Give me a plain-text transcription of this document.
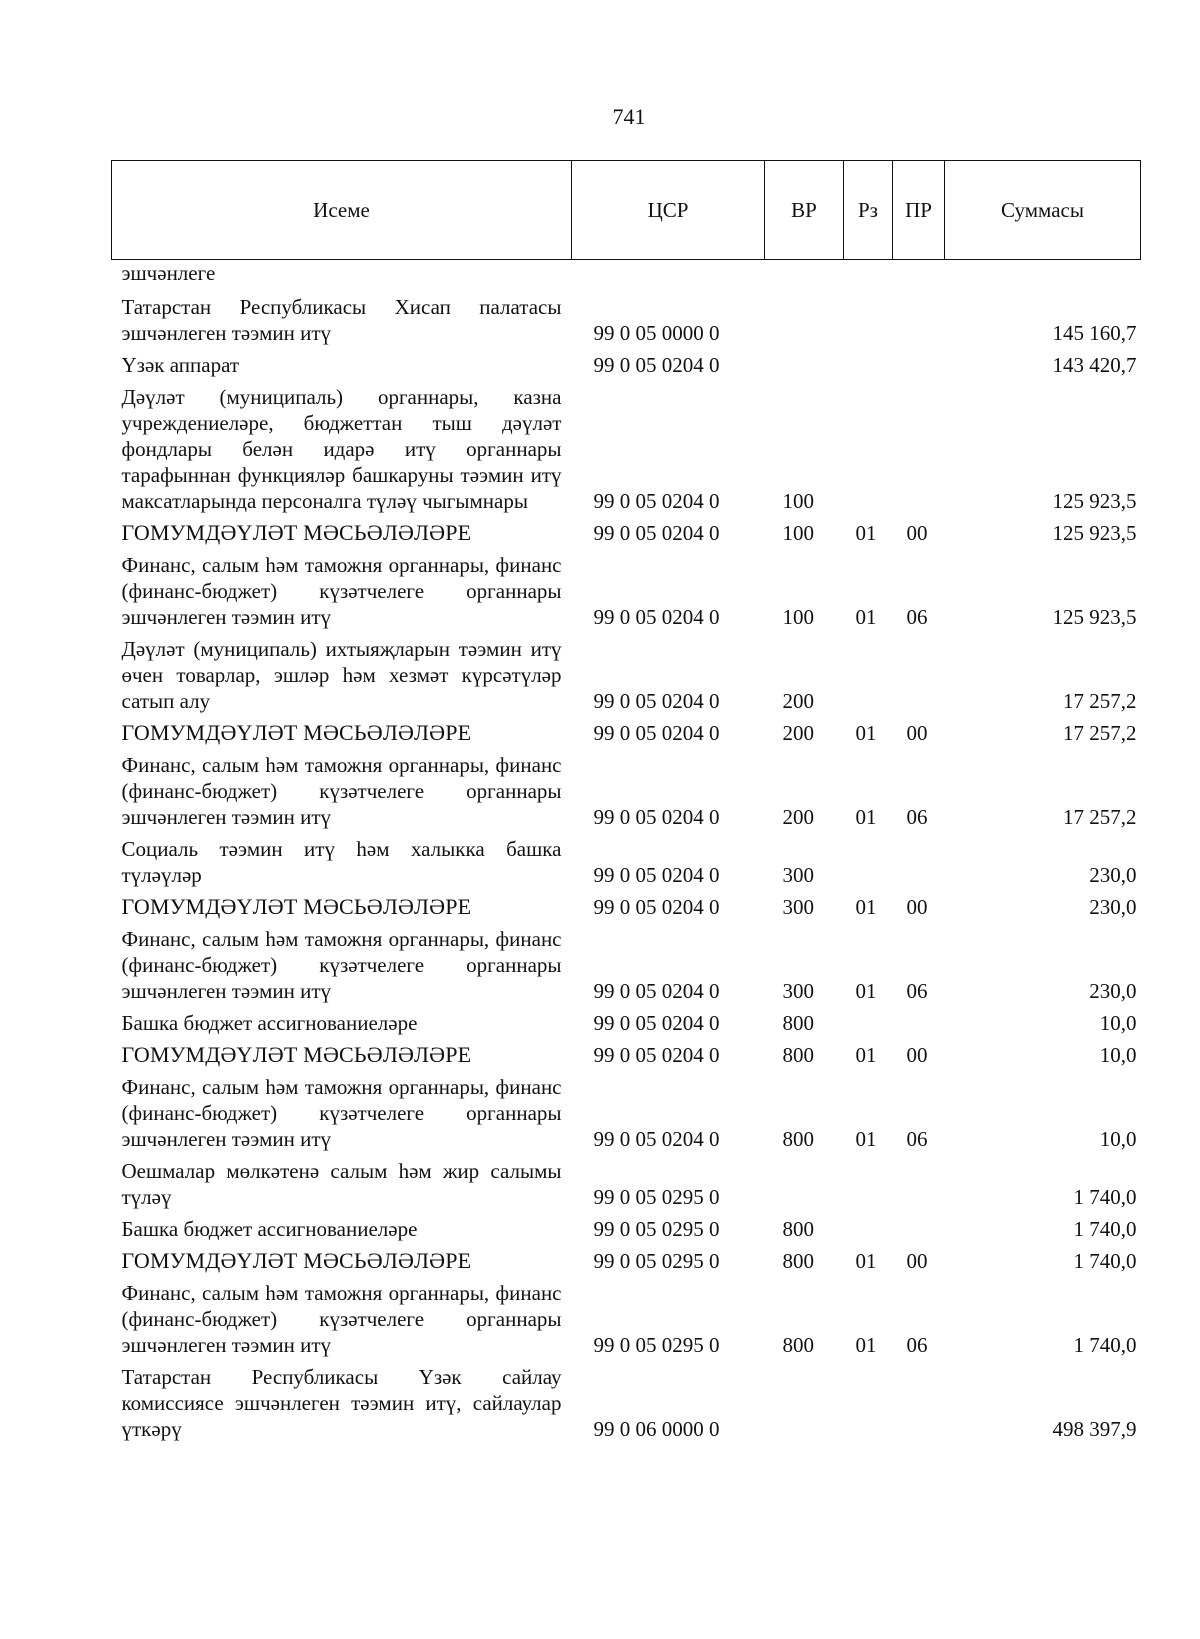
741
Исеме	ЦСР	ВР	Рз	ПР	Суммасы
эшчәнлеге					
Татарстан Республикасы Хисап палатасы эшчәнлеген тәэмин итү	99 0 05 0000 0				145 160,7
Үзәк аппарат	99 0 05 0204 0				143 420,7
Дәүләт (муниципаль) органнары, казна учреждениеләре, бюджеттан тыш дәүләт фондлары белән идарә итү органнары тарафыннан функцияләр башкаруны тәэмин итү максатларында персоналга түләү чыгымнары	99 0 05 0204 0	100			125 923,5
ГОМУМДӘҮЛӘТ МӘСЬӘЛӘЛӘРЕ	99 0 05 0204 0	100	01	00	125 923,5
Финанс, салым һәм таможня органнары, финанс (финанс-бюджет) күзәтчелеге органнары эшчәнлеген тәэмин итү	99 0 05 0204 0	100	01	06	125 923,5
Дәүләт (муниципаль) ихтыяҗларын тәэмин итү өчен товарлар, эшләр һәм хезмәт күрсәтүләр сатып алу	99 0 05 0204 0	200			17 257,2
ГОМУМДӘҮЛӘТ МӘСЬӘЛӘЛӘРЕ	99 0 05 0204 0	200	01	00	17 257,2
Финанс, салым һәм таможня органнары, финанс (финанс-бюджет) күзәтчелеге органнары эшчәнлеген тәэмин итү	99 0 05 0204 0	200	01	06	17 257,2
Социаль тәэмин итү һәм халыкка башка түләүләр	99 0 05 0204 0	300			230,0
ГОМУМДӘҮЛӘТ МӘСЬӘЛӘЛӘРЕ	99 0 05 0204 0	300	01	00	230,0
Финанс, салым һәм таможня органнары, финанс (финанс-бюджет) күзәтчелеге органнары эшчәнлеген тәэмин итү	99 0 05 0204 0	300	01	06	230,0
Башка бюджет ассигнованиеләре	99 0 05 0204 0	800			10,0
ГОМУМДӘҮЛӘТ МӘСЬӘЛӘЛӘРЕ	99 0 05 0204 0	800	01	00	10,0
Финанс, салым һәм таможня органнары, финанс (финанс-бюджет) күзәтчелеге органнары эшчәнлеген тәэмин итү	99 0 05 0204 0	800	01	06	10,0
Оешмалар мөлкәтенә салым һәм жир салымы түләү	99 0 05 0295 0				1 740,0
Башка бюджет ассигнованиеләре	99 0 05 0295 0	800			1 740,0
ГОМУМДӘҮЛӘТ МӘСЬӘЛӘЛӘРЕ	99 0 05 0295 0	800	01	00	1 740,0
Финанс, салым һәм таможня органнары, финанс (финанс-бюджет) күзәтчелеге органнары эшчәнлеген тәэмин итү	99 0 05 0295 0	800	01	06	1 740,0
Татарстан Республикасы Үзәк сайлау комиссиясе эшчәнлеген тәэмин итү, сайлаулар үткәрү	99 0 06 0000 0				498 397,9
